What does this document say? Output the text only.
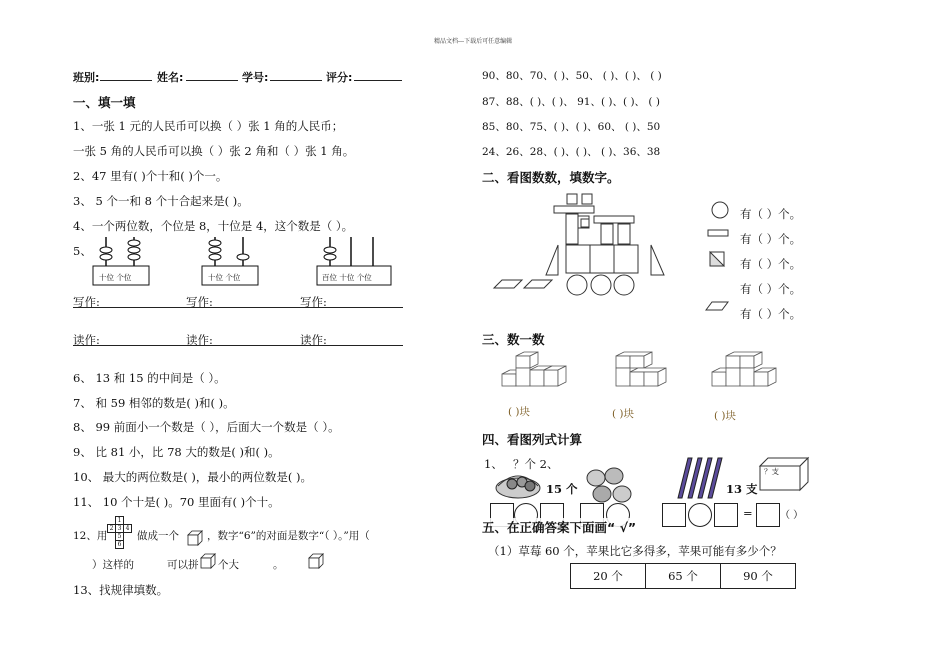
精品文档---下载后可任意编辑
班别:	姓名:	学号:	评分:
一、填一填
1、一张 1 元的人民币可以换（ ）张 1 角的人民币；
一张 5 角的人民币可以换（ ）张 2 角和（ ）张 1 角。
2、47 里有( )个十和( )个一。
3、 5 个一和 8 个十合起来是( )。
4、一个两位数，个位是 8，十位是 4，这个数是（ ）。
5、
十位 个位	十位 个位	百位 十位 个位
写作:	写作:	写作:
读作:	读作:	读作:
6、 13 和 15 的中间是（ ）。
7、 和 59 相邻的数是( )和( )。
8、 99 前面小一个数是（ ），后面大一个数是（ ）。
9、 比 81 小，比 78 大的数是( )和( )。
10、 最大的两位数是( )，最小的两位数是( )。
11、 10 个十是( )。70 里面有( )个十。
12、用
1
2 3 4
5
6
做成一个	，数字“6”的对面是数字“（ ）。”用（
）这样的	可以拼 个大	。
13、找规律填数。
90、80、70、( )、50、 ( )、( )、 ( )
87、88、( )、( )、 91、( )、( )、 ( )
85、80、75、( )、( )、60、 ( )、50
24、26、28、( )、( )、 ( )、36、38
二、看图数数，填数字。
有（ ）个。
有（ ）个。
有（ ）个。
有（ ）个。
有（ ）个。
三、数一数
( )块	( )块	( )块
四、看图列式计算
1、 ？个 2、
15 个	13 支
？支
=	（ ）
五、在正确答案下面画“ √”
（1）草莓 60 个，苹果比它多得多，苹果可能有多少个？
20 个	65 个	90 个
